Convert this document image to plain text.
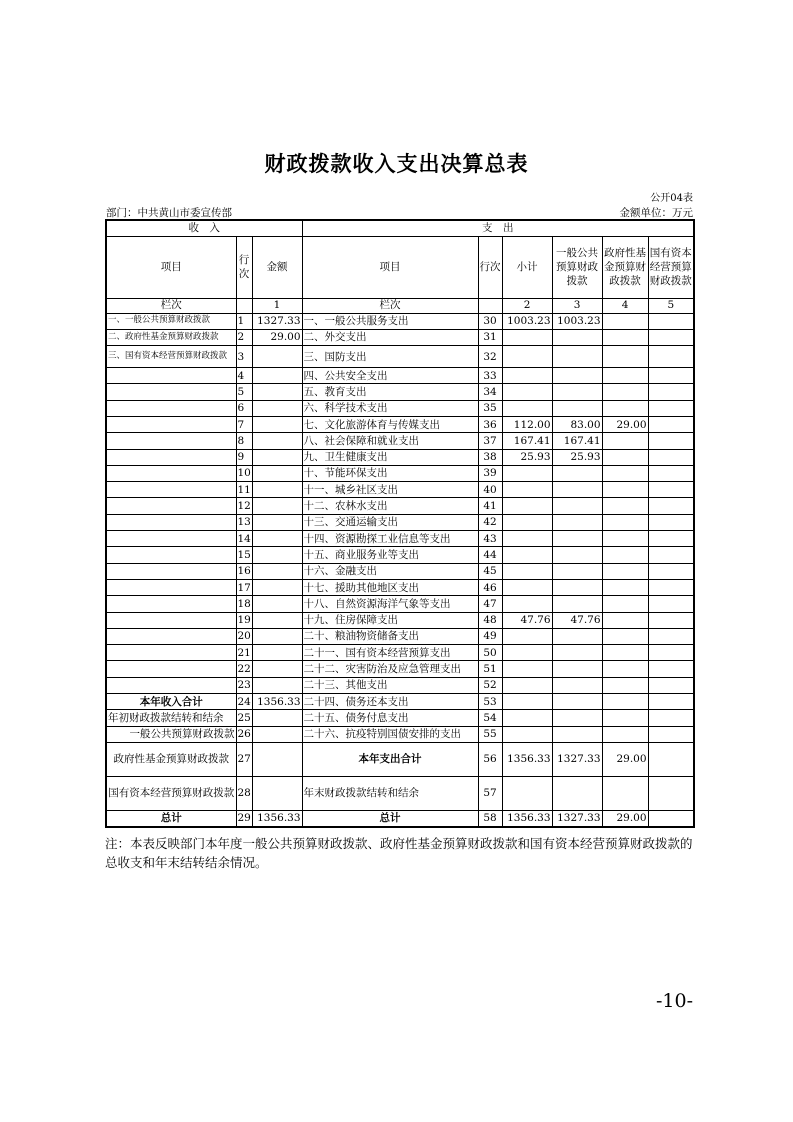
财政拨款收入支出决算总表
公开04表
部门：中共黄山市委宣传部	金额单位：万元
收　入			支　出					
项目	行次	金额	项目	行次	小计	一般公共预算财政拨款	政府性基金预算财政拨款	国有资本经营预算财政拨款
栏次		1	栏次		2	3	4	5
一、一般公共预算财政拨款	1	1327.33	一、一般公共服务支出	30	1003.23	1003.23		
二、政府性基金预算财政拨款	2	29.00	二、外交支出	31				
三、国有资本经营预算财政拨款	3		三、国防支出	32				
	4		四、公共安全支出	33				
	5		五、教育支出	34				
	6		六、科学技术支出	35				
	7		七、文化旅游体育与传媒支出	36	112.00	83.00	29.00	
	8		八、社会保障和就业支出	37	167.41	167.41		
	9		九、卫生健康支出	38	25.93	25.93		
	10		十、节能环保支出	39				
	11		十一、城乡社区支出	40				
	12		十二、农林水支出	41				
	13		十三、交通运输支出	42				
	14		十四、资源勘探工业信息等支出	43				
	15		十五、商业服务业等支出	44				
	16		十六、金融支出	45				
	17		十七、援助其他地区支出	46				
	18		十八、自然资源海洋气象等支出	47				
	19		十九、住房保障支出	48	47.76	47.76		
	20		二十、粮油物资储备支出	49				
	21		二十一、国有资本经营预算支出	50				
	22		二十二、灾害防治及应急管理支出	51				
	23		二十三、其他支出	52				
本年收入合计	24	1356.33	二十四、债务还本支出	53				
年初财政拨款结转和结余	25		二十五、债务付息支出	54				
一般公共预算财政拨款	26		二十六、抗疫特别国债安排的支出	55				
政府性基金预算财政拨款	27		本年支出合计	56	1356.33	1327.33	29.00	
国有资本经营预算财政拨款	28		年末财政拨款结转和结余	57				
总计	29	1356.33	总计	58	1356.33	1327.33	29.00	
注：本表反映部门本年度一般公共预算财政拨款、政府性基金预算财政拨款和国有资本经营预算财政拨款的总收支和年末结转结余情况。
-10-
